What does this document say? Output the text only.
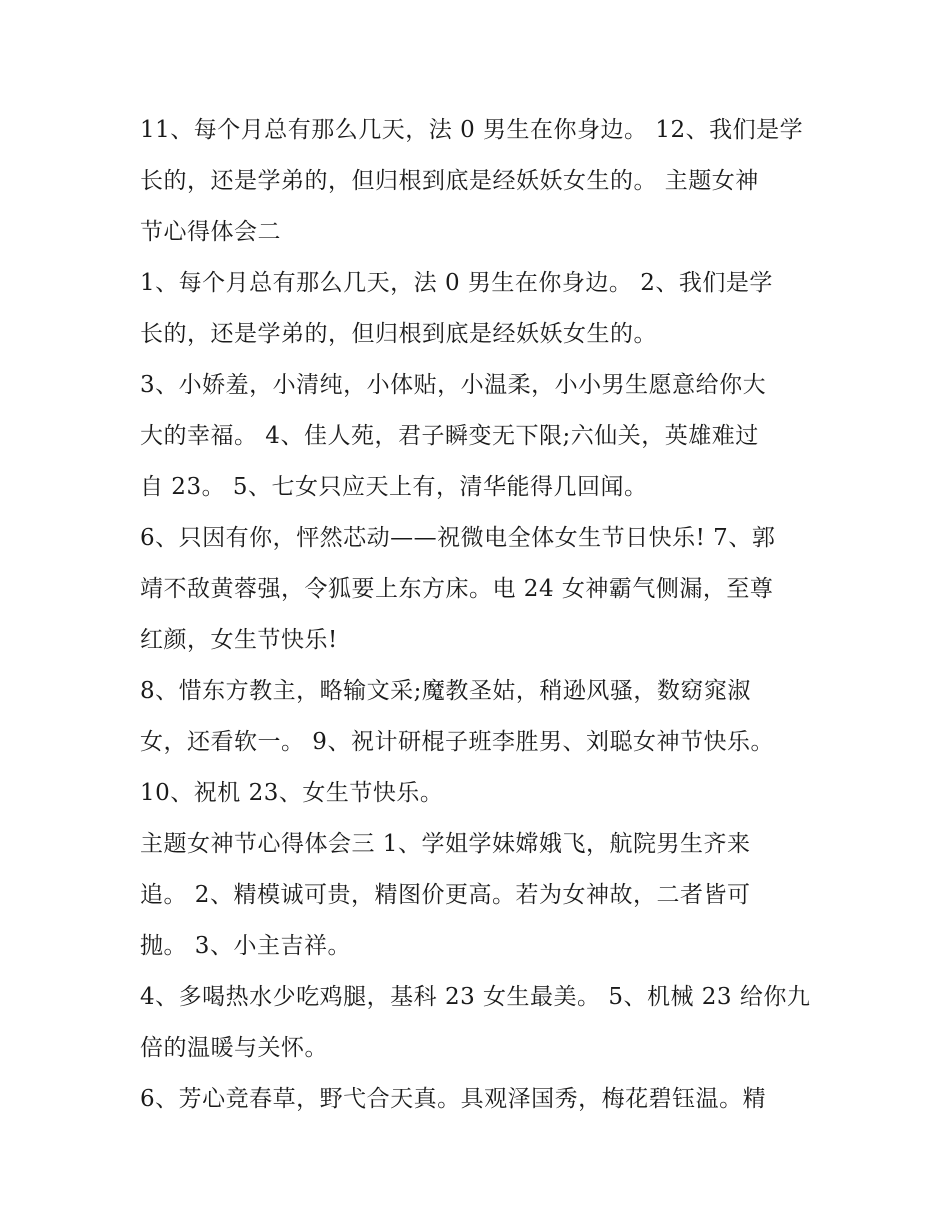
11、每个月总有那么几天，法 0 男生在你身边。 12、我们是学
长的，还是学弟的，但归根到底是经妖妖女生的。 主题女神
节心得体会二
1、每个月总有那么几天，法 0 男生在你身边。 2、我们是学
长的，还是学弟的，但归根到底是经妖妖女生的。
3、小娇羞，小清纯，小体贴，小温柔，小小男生愿意给你大
大的幸福。 4、佳人苑，君子瞬变无下限;六仙关，英雄难过
自 23。 5、七女只应天上有，清华能得几回闻。
6、只因有你，怦然芯动——祝微电全体女生节日快乐! 7、郭
靖不敌黄蓉强，令狐要上东方床。电 24 女神霸气侧漏，至尊
红颜，女生节快乐!
8、惜东方教主，略输文采;魔教圣姑，稍逊风骚，数窈窕淑
女，还看软一。 9、祝计研棍子班李胜男、刘聪女神节快乐。
10、祝机 23、女生节快乐。
主题女神节心得体会三 1、学姐学妹嫦娥飞，航院男生齐来
追。 2、精模诚可贵，精图价更高。若为女神故，二者皆可
抛。 3、小主吉祥。
4、多喝热水少吃鸡腿，基科 23 女生最美。 5、机械 23 给你九
倍的温暖与关怀。
6、芳心竞春草，野弋合天真。具观泽国秀，梅花碧钰温。精
